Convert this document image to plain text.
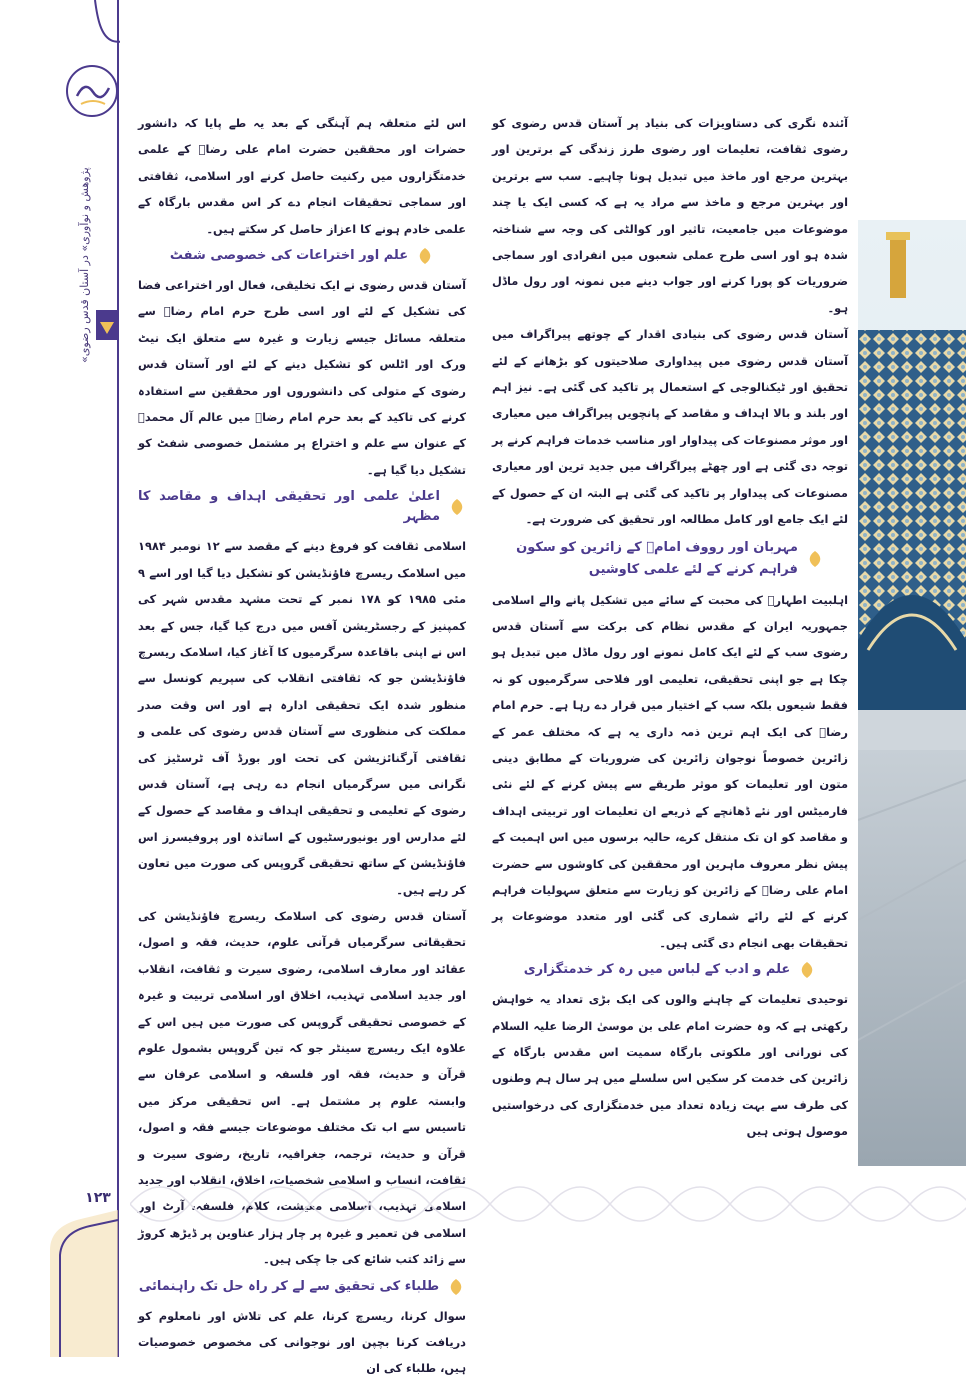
«پژوهش و نوآوری» در آستان قدس رضوی

آئندہ نگری کی دستاویزات کی بنیاد پر آستان قدس رضوی کو رضوی ثقافت، تعلیمات اور رضوی طرز زندگی کے برترین اور بہترین مرجع اور ماخذ میں تبدیل ہونا چاہیے۔ سب سے برترین اور بہترین مرجع و ماخذ سے مراد یہ ہے کہ کسی ایک یا چند موضوعات میں جامعیت، تاثیر اور کوالٹی کی وجہ سے شناختہ شدہ ہو اور اسی طرح عملی شعبوں میں انفرادی اور سماجی ضروریات کو پورا کرنے اور جواب دینے میں نمونہ اور رول ماڈل ہو۔

آستان قدس رضوی کی بنیادی اقدار کے چوتھے پیراگراف میں آستان قدس رضوی میں پیداواری صلاحیتوں کو بڑھانے کے لئے تحقیق اور ٹیکنالوجی کے استعمال پر تاکید کی گئی ہے۔ نیز اہم اور بلند و بالا اہداف و مقاصد کے پانچویں پیراگراف میں معیاری اور موثر مصنوعات کی پیداوار اور مناسب خدمات فراہم کرنے پر توجہ دی گئی ہے اور چھٹے پیراگراف میں جدید ترین اور معیاری مصنوعات کی پیداوار پر تاکید کی گئی ہے البتہ ان کے حصول کے لئے ایک جامع اور کامل مطالعہ اور تحقیق کی ضرورت ہے۔

مہربان اور رووف امامؑ کے زائرین کو سکون
فراہم کرنے کے لئے علمی کاوشیں

اہلبیت اطہارؑ کی محبت کے سائے میں تشکیل پانے والے اسلامی جمہوریہ ایران کے مقدس نظام کی برکت سے آستان قدس رضوی سب کے لئے ایک کامل نمونے اور رول ماڈل میں تبدیل ہو چکا ہے جو اپنی تحقیقی، تعلیمی اور فلاحی سرگرمیوں کو نہ فقط شیعوں بلکہ سب کے اختیار میں قرار دے رہا ہے۔ حرم امام رضاؑ کی ایک اہم ترین ذمہ داری یہ ہے کہ مختلف عمر کے زائرین خصوصاً نوجوان زائرین کی ضروریات کے مطابق دینی متون اور تعلیمات کو موثر طریقے سے پیش کرنے کے لئے نئی فارمیٹس اور نئے ڈھانچے کے ذریعے ان تعلیمات اور تربیتی اہداف و مقاصد کو ان تک منتقل کرے، حالیہ برسوں میں اس اہمیت کے پیش نظر معروف ماہرین اور محققین کی کاوشوں سے حضرت امام علی رضاؑ کے زائرین کو زیارت سے متعلق سہولیات فراہم کرنے کے لئے رائے شماری کی گئی اور متعدد موضوعات پر تحقیقات بھی انجام دی گئی ہیں۔

علم و ادب کے لباس میں رہ کر خدمتگزاری

توحیدی تعلیمات کے چاہنے والوں کی ایک بڑی تعداد یہ خواہش رکھتی ہے کہ وہ حضرت امام علی بن موسیٰ الرضا علیہ السلام کی نورانی اور ملکوتی بارگاہ سمیت اس مقدس بارگاہ کے زائرین کی خدمت کر سکیں اس سلسلے میں ہر سال ہم وطنوں کی طرف سے بہت زیادہ تعداد میں خدمتگزاری کی درخواستیں موصول ہوتی ہیں

اس لئے متعلقہ ہم آہنگی کے بعد یہ طے پایا کہ دانشور حضرات اور محققین حضرت امام علی رضاؑ کے علمی خدمتگزاروں میں رکنیت حاصل کرنے اور اسلامی، ثقافتی اور سماجی تحقیقات انجام دے کر اس مقدس بارگاہ کے علمی خادم ہونے کا اعزاز حاصل کر سکتے ہیں۔

علم اور اختراعات کی خصوصی شفٹ

آستان قدس رضوی نے ایک تخلیقی، فعال اور اختراعی فضا کی تشکیل کے لئے اور اسی طرح حرم امام رضاؑ سے متعلقہ مسائل جیسے زیارت و غیرہ سے متعلق ایک نیٹ ورک اور اٹلس کو تشکیل دینے کے لئے اور آستان قدس رضوی کے متولی کی دانشوروں اور محققین سے استفادہ کرنے کی تاکید کے بعد حرم امام رضاؑ میں عالم آل محمدؐ کے عنوان سے علم و اختراع پر مشتمل خصوصی شفٹ کو تشکیل دیا گیا ہے۔

اعلیٰ علمی اور تحقیقی اہداف و مقاصد کا مظہر

اسلامی ثقافت کو فروغ دینے کے مقصد سے ۱۲ نومبر ۱۹۸۴ میں اسلامک ریسرچ فاؤنڈیشن کو تشکیل دیا گیا اور اسے ۹ مئی ۱۹۸۵ کو ۱۷۸ نمبر کے تحت مشہد مقدس شہر کی کمپنیز کے رجسٹریشن آفس میں درج کیا گیا، جس کے بعد اس نے اپنی باقاعدہ سرگرمیوں کا آغاز کیا، اسلامک ریسرچ فاؤنڈیشن جو کہ ثقافتی انقلاب کی سپریم کونسل سے منظور شدہ ایک تحقیقی ادارہ ہے اور اس وقت صدر مملکت کی منظوری سے آستان قدس رضوی کی علمی و ثقافتی آرگنائزیشن کی تحت اور بورڈ آف ٹرسٹیز کی نگرانی میں سرگرمیاں انجام دے رہی ہے، آستان قدس رضوی کے تعلیمی و تحقیقی اہداف و مقاصد کے حصول کے لئے مدارس اور یونیورسٹیوں کے اساتذہ اور پروفیسرز اس فاؤنڈیشن کے ساتھ تحقیقی گروپس کی صورت میں تعاون کر رہے ہیں۔

آستان قدس رضوی کی اسلامک ریسرچ فاؤنڈیشن کی تحقیقاتی سرگرمیاں قرآنی علوم، حدیث، فقہ و اصول، عقائد اور معارف اسلامی، رضوی سیرت و ثقافت، انقلاب اور جدید اسلامی تہذیب، اخلاق اور اسلامی تربیت و غیرہ کے خصوصی تحقیقی گروپس کی صورت میں ہیں اس کے علاوہ ایک ریسرچ سینٹر جو کہ تین گروپس بشمول علوم قرآن و حدیث، فقہ اور فلسفہ و اسلامی عرفان سے وابستہ علوم پر مشتمل ہے۔ اس تحقیقی مرکز میں تاسیس سے اب تک مختلف موضوعات جیسے فقہ و اصول، قرآن و حدیث، ترجمہ، جغرافیہ، تاریخ، رضوی سیرت و ثقافت، انساب و اسلامی شخصیات، اخلاق، انقلاب اور جدید اسلامی تہذیب، اسلامی معیشت، کلام، فلسفہ، آرٹ اور اسلامی فن تعمیر و غیرہ پر چار ہزار عناوین پر ڈیڑھ کروڑ سے زائد کتب شائع کی جا چکی ہیں۔

طلباء کی تحقیق سے لے کر راہ حل تک راہنمائی

سوال کرنا، ریسرچ کرنا، علم کی تلاش اور نامعلوم کو دریافت کرنا بچپن اور نوجوانی کی مخصوص خصوصیات ہیں، طلباء کی ان

۱۲۳
